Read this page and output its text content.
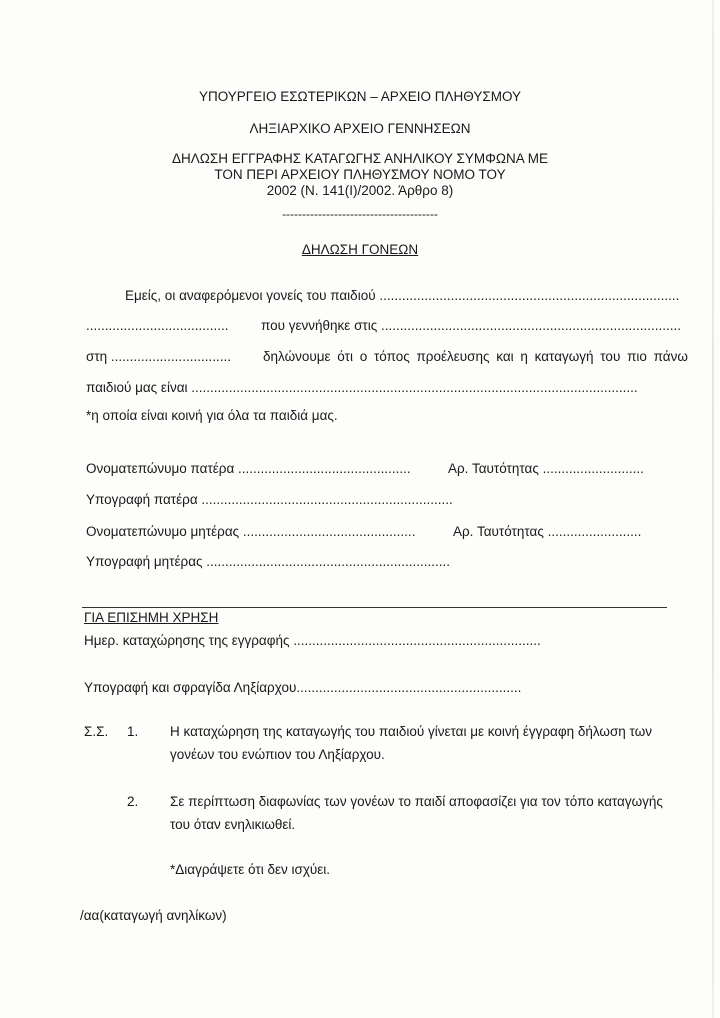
ΥΠΟΥΡΓΕΙΟ ΕΣΩΤΕΡΙΚΩΝ – ΑΡΧΕΙΟ ΠΛΗΘΥΣΜΟΥ
ΛΗΞΙΑΡΧΙΚΟ ΑΡΧΕΙΟ ΓΕΝΝΗΣΕΩΝ
ΔΗΛΩΣΗ ΕΓΓΡΑΦΗΣ ΚΑΤΑΓΩΓΗΣ ΑΝΗΛΙΚΟΥ ΣΥΜΦΩΝΑ ΜΕ
ΤΟΝ ΠΕΡΙ ΑΡΧΕΙΟΥ ΠΛΗΘΥΣΜΟΥ ΝΟΜΟ ΤΟΥ
2002 (Ν. 141(Ι)/2002. Άρθρο 8)
---------------------------------------
ΔΗΛΩΣΗ ΓΟΝΕΩΝ
Εμείς, οι αναφερόμενοι γονείς του παιδιού ................................................................................
...................................... που γεννήθηκε στις ................................................................................
στη ................................ δηλώνουμε ότι ο τόπος προέλευσης και η καταγωγή του πιο πάνω
παιδιού μας είναι .......................................................................................................................
*η οποία είναι κοινή για όλα τα παιδιά μας.
Ονοματεπώνυμο πατέρα ..............................................	Αρ. Ταυτότητας ...........................
Υπογραφή πατέρα ...................................................................
Ονοματεπώνυμο μητέρας ..............................................	Αρ. Ταυτότητας .........................
Υπογραφή μητέρας .................................................................
ΓΙΑ ΕΠΙΣΗΜΗ ΧΡΗΣΗ
Ημερ. καταχώρησης της εγγραφής ..................................................................
Υπογραφή και σφραγίδα Ληξίαρχου............................................................
Σ.Σ. 1. Η καταχώρηση της καταγωγής του παιδιού γίνεται με κοινή έγγραφη δήλωση των
γονέων του ενώπιον του Ληξίαρχου.
2. Σε περίπτωση διαφωνίας των γονέων το παιδί αποφασίζει για τον τόπο καταγωγής
του όταν ενηλικιωθεί.
*Διαγράψετε ότι δεν ισχύει.
/αα(καταγωγή ανηλίκων)
